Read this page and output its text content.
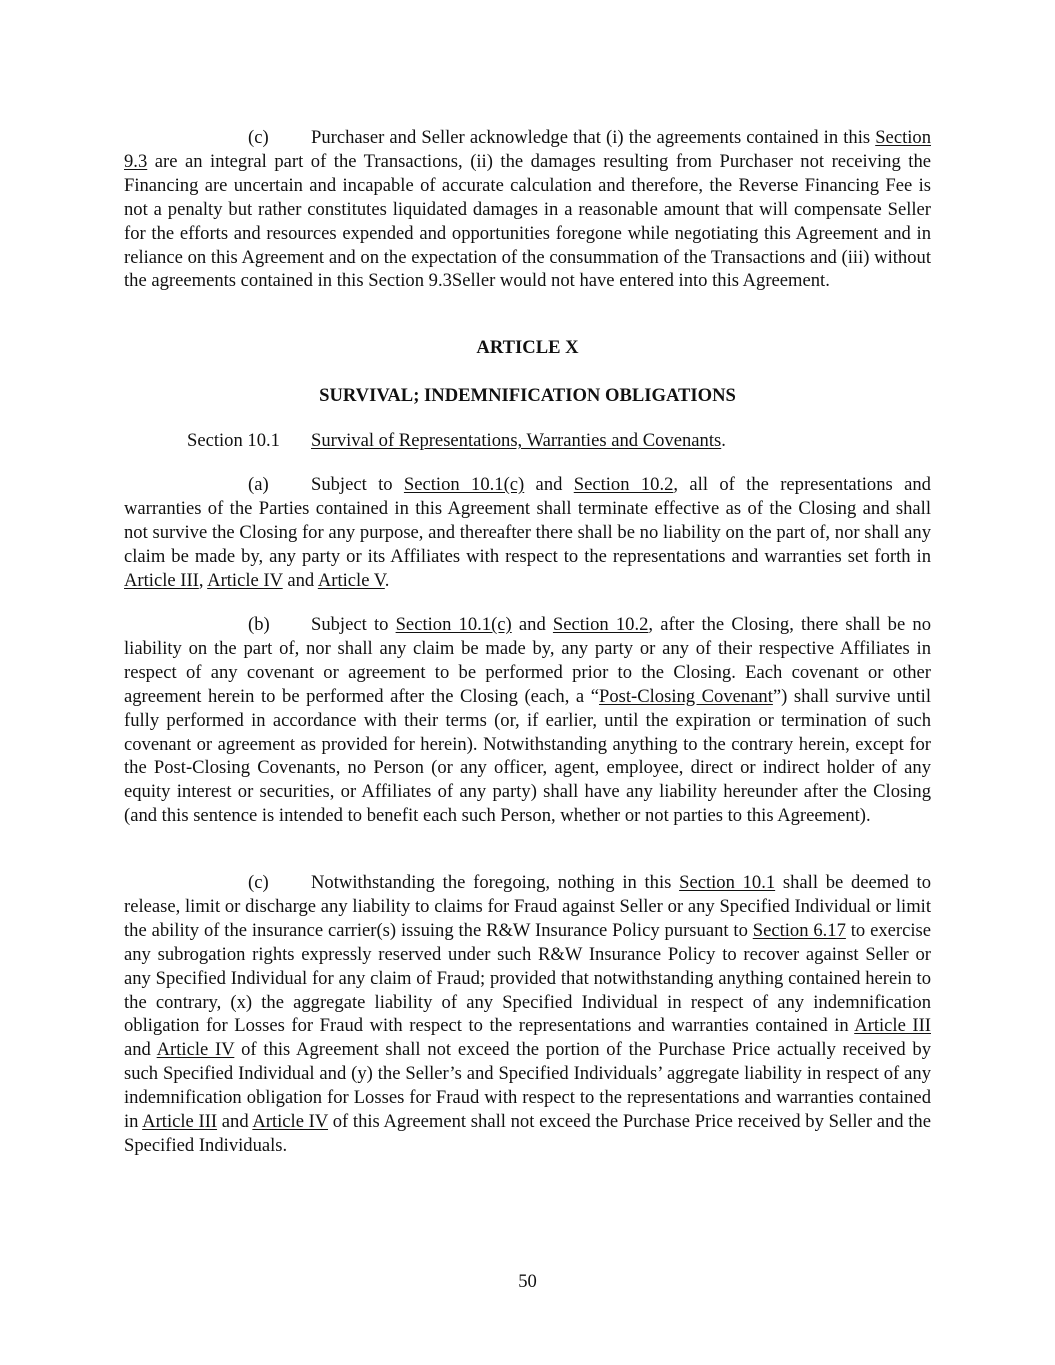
(c) Purchaser and Seller acknowledge that (i) the agreements contained in this Section 9.3 are an integral part of the Transactions, (ii) the damages resulting from Purchaser not receiving the Financing are uncertain and incapable of accurate calculation and therefore, the Reverse Financing Fee is not a penalty but rather constitutes liquidated damages in a reasonable amount that will compensate Seller for the efforts and resources expended and opportunities foregone while negotiating this Agreement and in reliance on this Agreement and on the expectation of the consummation of the Transactions and (iii) without the agreements contained in this Section 9.3Seller would not have entered into this Agreement.

ARTICLE X

SURVIVAL; INDEMNIFICATION OBLIGATIONS

Section 10.1 Survival of Representations, Warranties and Covenants.

(a) Subject to Section 10.1(c) and Section 10.2, all of the representations and warranties of the Parties contained in this Agreement shall terminate effective as of the Closing and shall not survive the Closing for any purpose, and thereafter there shall be no liability on the part of, nor shall any claim be made by, any party or its Affiliates with respect to the representations and warranties set forth in Article III, Article IV and Article V.

(b) Subject to Section 10.1(c) and Section 10.2, after the Closing, there shall be no liability on the part of, nor shall any claim be made by, any party or any of their respective Affiliates in respect of any covenant or agreement to be performed prior to the Closing. Each covenant or other agreement herein to be performed after the Closing (each, a “Post-Closing Covenant”) shall survive until fully performed in accordance with their terms (or, if earlier, until the expiration or termination of such covenant or agreement as provided for herein). Notwithstanding anything to the contrary herein, except for the Post-Closing Covenants, no Person (or any officer, agent, employee, direct or indirect holder of any equity interest or securities, or Affiliates of any party) shall have any liability hereunder after the Closing (and this sentence is intended to benefit each such Person, whether or not parties to this Agreement).

(c) Notwithstanding the foregoing, nothing in this Section 10.1 shall be deemed to release, limit or discharge any liability to claims for Fraud against Seller or any Specified Individual or limit the ability of the insurance carrier(s) issuing the R&W Insurance Policy pursuant to Section 6.17 to exercise any subrogation rights expressly reserved under such R&W Insurance Policy to recover against Seller or any Specified Individual for any claim of Fraud; provided that notwithstanding anything contained herein to the contrary, (x) the aggregate liability of any Specified Individual in respect of any indemnification obligation for Losses for Fraud with respect to the representations and warranties contained in Article III and Article IV of this Agreement shall not exceed the portion of the Purchase Price actually received by such Specified Individual and (y) the Seller’s and Specified Individuals’ aggregate liability in respect of any indemnification obligation for Losses for Fraud with respect to the representations and warranties contained in Article III and Article IV of this Agreement shall not exceed the Purchase Price received by Seller and the Specified Individuals.

50
